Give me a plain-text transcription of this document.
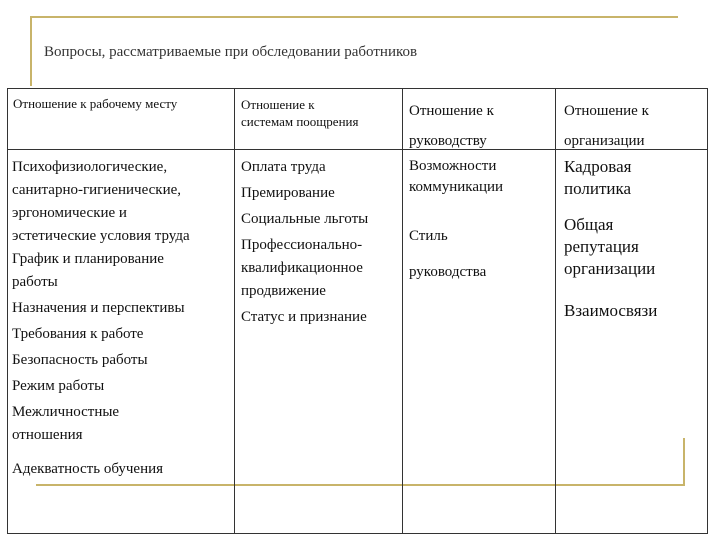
Вопросы, рассматриваемые при обследовании работников
Отношение к рабочему месту	Отношение к
системам поощрения
Отношение к
руководству
Отношение к
организации
Психофизиологические,
санитарно-гигиенические,
эргономические и
эстетические условия труда
График и планирование
работы
Назначения и перспективы
Требования к работе
Безопасность работы
Режим работы
Межличностные
отношения
Адекватность обучения
Оплата труда
Премирование
Социальные льготы
Профессионально-
квалификационное
продвижение
Статус и признание
Возможности
коммуникации
Стиль
руководства
Кадровая
политика
Общая
репутация
организации
Взаимосвязи
